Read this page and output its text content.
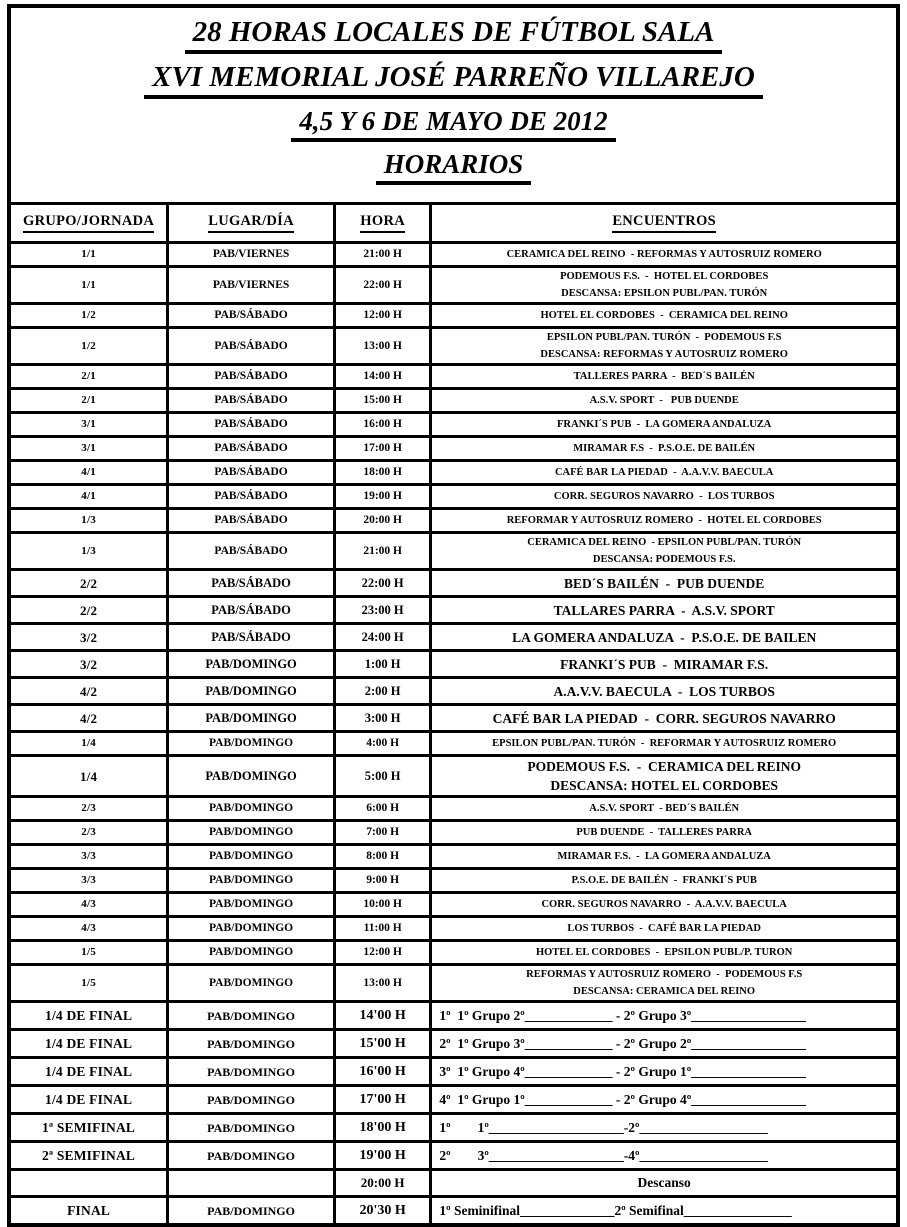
28 HORAS LOCALES DE FÚTBOL SALA
XVI MEMORIAL JOSÉ PARREÑO VILLAREJO
4,5 Y 6 DE MAYO DE 2012
HORARIOS			

GRUPO/JORNADA	LUGAR/DÍA	HORA	ENCUENTROS
1/1	PAB/VIERNES	21:00 H	CERAMICA DEL REINO  - REFORMAS Y AUTOSRUIZ ROMERO

1/1	PAB/VIERNES	22:00 H	PODEMOUS F.S.  -  HOTEL EL CORDOBES
DESCANSA: EPSILON PUBL/PAN. TURÓN

1/2	PAB/SÁBADO	12:00 H	HOTEL EL CORDOBES  -  CERAMICA DEL REINO

1/2	PAB/SÁBADO	13:00 H	EPSILON PUBL/PAN. TURÓN  -  PODEMOUS F.S
DESCANSA: REFORMAS Y AUTOSRUIZ ROMERO

2/1	PAB/SÁBADO	14:00 H	TALLERES PARRA  -  BED´S BAILÉN

2/1	PAB/SÁBADO	15:00 H	A.S.V. SPORT  -   PUB DUENDE

3/1	PAB/SÁBADO	16:00 H	FRANKI´S PUB  -  LA GOMERA ANDALUZA

3/1	PAB/SÁBADO	17:00 H	MIRAMAR F.S  -  P.S.O.E. DE BAILÉN

4/1	PAB/SÁBADO	18:00 H	CAFÉ BAR LA PIEDAD  -  A.A.V.V. BAECULA

4/1	PAB/SÁBADO	19:00 H	CORR. SEGUROS NAVARRO  -  LOS TURBOS

1/3	PAB/SÁBADO	20:00 H	REFORMAR Y AUTOSRUIZ ROMERO  -  HOTEL EL CORDOBES

1/3	PAB/SÁBADO	21:00 H	CERAMICA DEL REINO  - EPSILON PUBL/PAN. TURÓN
DESCANSA: PODEMOUS F.S.

2/2	PAB/SÁBADO	22:00 H	BED´S BAILÉN  -  PUB DUENDE

2/2	PAB/SÁBADO	23:00 H	TALLARES PARRA  -  A.S.V. SPORT

3/2	PAB/SÁBADO	24:00 H	LA GOMERA ANDALUZA  -  P.S.O.E. DE BAILEN

3/2	PAB/DOMINGO	1:00 H	FRANKI´S PUB  -  MIRAMAR F.S.

4/2	PAB/DOMINGO	2:00 H	A.A.V.V. BAECULA  -  LOS TURBOS

4/2	PAB/DOMINGO	3:00 H	CAFÉ BAR LA PIEDAD  -  CORR. SEGUROS NAVARRO

1/4	PAB/DOMINGO	4:00 H	EPSILON PUBL/PAN. TURÓN  -  REFORMAR Y AUTOSRUIZ ROMERO

1/4	PAB/DOMINGO	5:00 H	PODEMOUS F.S.  -  CERAMICA DEL REINO
DESCANSA: HOTEL EL CORDOBES

2/3	PAB/DOMINGO	6:00 H	A.S.V. SPORT  - BED´S BAILÉN

2/3	PAB/DOMINGO	7:00 H	PUB DUENDE  -  TALLERES PARRA

3/3	PAB/DOMINGO	8:00 H	MIRAMAR F.S.  -  LA GOMERA ANDALUZA

3/3	PAB/DOMINGO	9:00 H	P.S.O.E. DE BAILÉN  -  FRANKI´S PUB

4/3	PAB/DOMINGO	10:00 H	CORR. SEGUROS NAVARRO  -  A.A.V.V. BAECULA

4/3	PAB/DOMINGO	11:00 H	LOS TURBOS  -  CAFÉ BAR LA PIEDAD

1/5	PAB/DOMINGO	12:00 H	HOTEL EL CORDOBES  -  EPSILON PUBL/P. TURON

1/5	PAB/DOMINGO	13:00 H	REFORMAS Y AUTOSRUIZ ROMERO  -  PODEMOUS F.S
DESCANSA: CERAMICA DEL REINO

1/4 DE FINAL	PAB/DOMINGO	14'00 H	1º  1º Grupo 2º_____________ - 2º Grupo 3º_________________

1/4 DE FINAL	PAB/DOMINGO	15'00 H	2º  1º Grupo 3º_____________ - 2º Grupo 2º_________________

1/4 DE FINAL	PAB/DOMINGO	16'00 H	3º  1º Grupo 4º_____________ - 2º Grupo 1º_________________

1/4 DE FINAL	PAB/DOMINGO	17'00 H	4º  1º Grupo 1º_____________ - 2º Grupo 4º_________________

1ª SEMIFINAL	PAB/DOMINGO	18'00 H	1º        1º____________________-2º___________________

2ª SEMIFINAL	PAB/DOMINGO	19'00 H	2º        3º____________________-4º___________________

		20:00 H	Descanso

FINAL	PAB/DOMINGO	20'30 H	1º Seminifinal______________2º Semifinal________________
